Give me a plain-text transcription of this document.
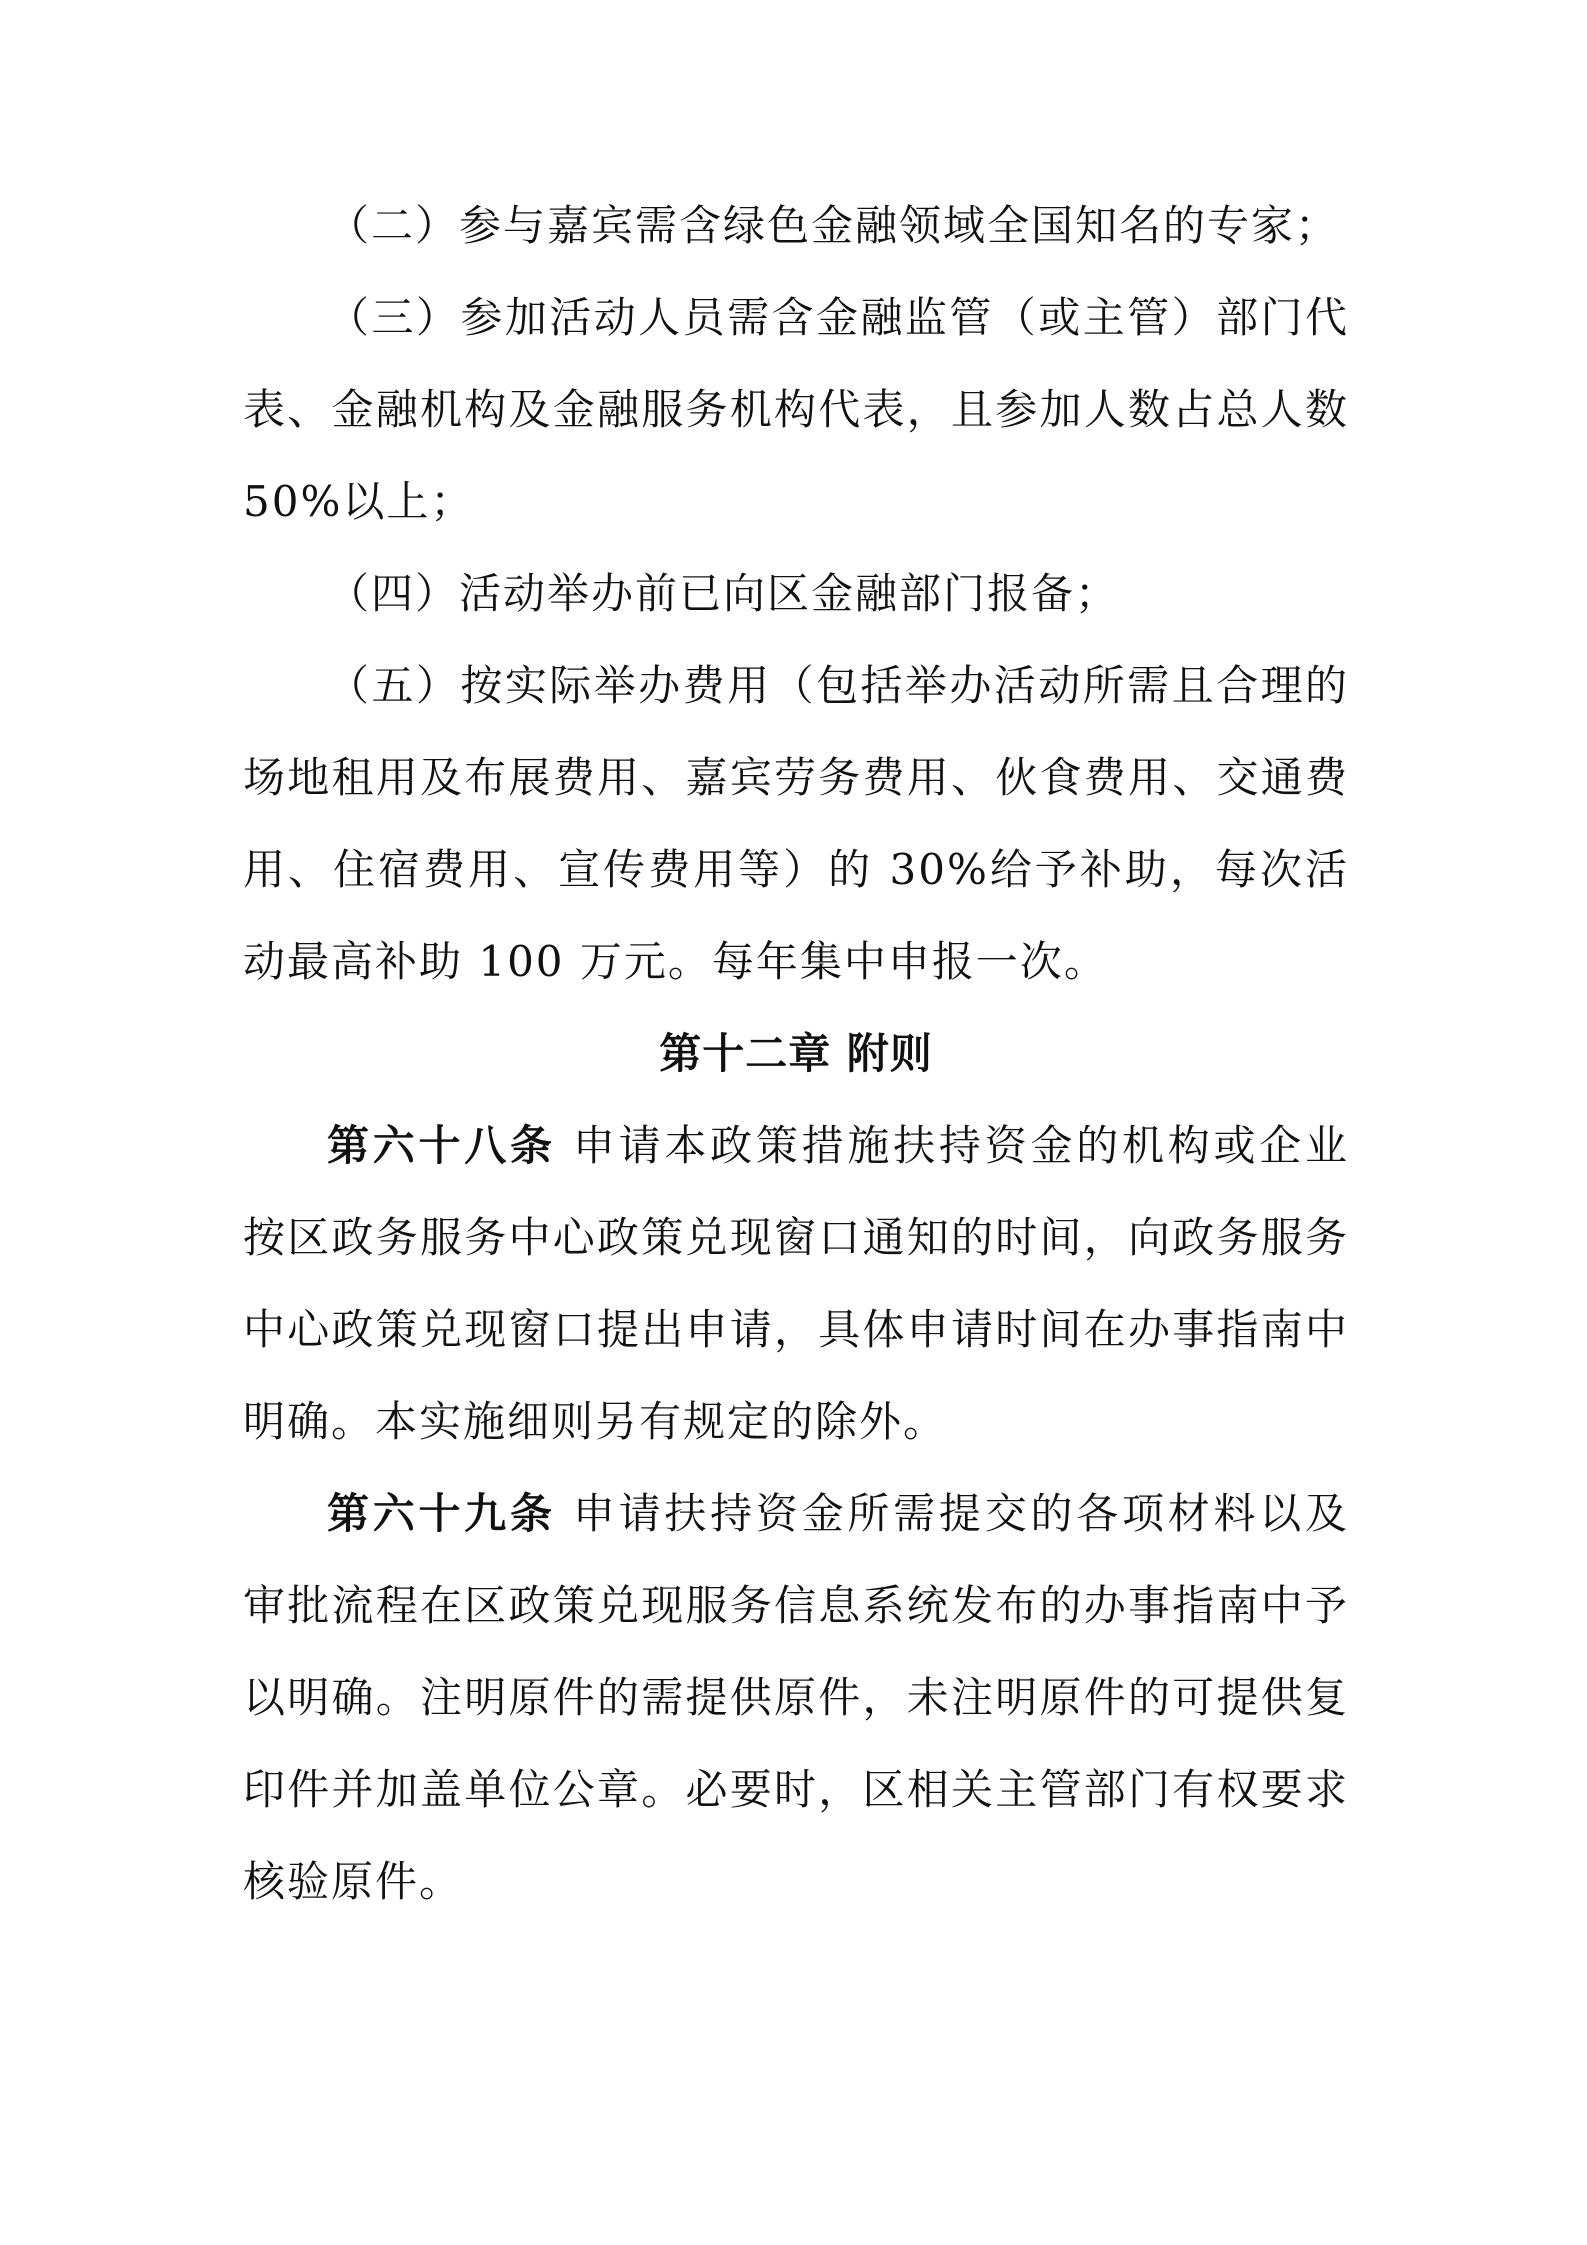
（二）参与嘉宾需含绿色金融领域全国知名的专家；

（三）参加活动人员需含金融监管（或主管）部门代表、金融机构及金融服务机构代表，且参加人数占总人数 50%以上；

（四）活动举办前已向区金融部门报备；

（五）按实际举办费用（包括举办活动所需且合理的场地租用及布展费用、嘉宾劳务费用、伙食费用、交通费用、住宿费用、宣传费用等）的 30%给予补助，每次活动最高补助 100 万元。每年集中申报一次。

第十二章 附则

第六十八条 申请本政策措施扶持资金的机构或企业按区政务服务中心政策兑现窗口通知的时间，向政务服务中心政策兑现窗口提出申请，具体申请时间在办事指南中明确。本实施细则另有规定的除外。

第六十九条 申请扶持资金所需提交的各项材料以及审批流程在区政策兑现服务信息系统发布的办事指南中予以明确。注明原件的需提供原件，未注明原件的可提供复印件并加盖单位公章。必要时，区相关主管部门有权要求核验原件。
